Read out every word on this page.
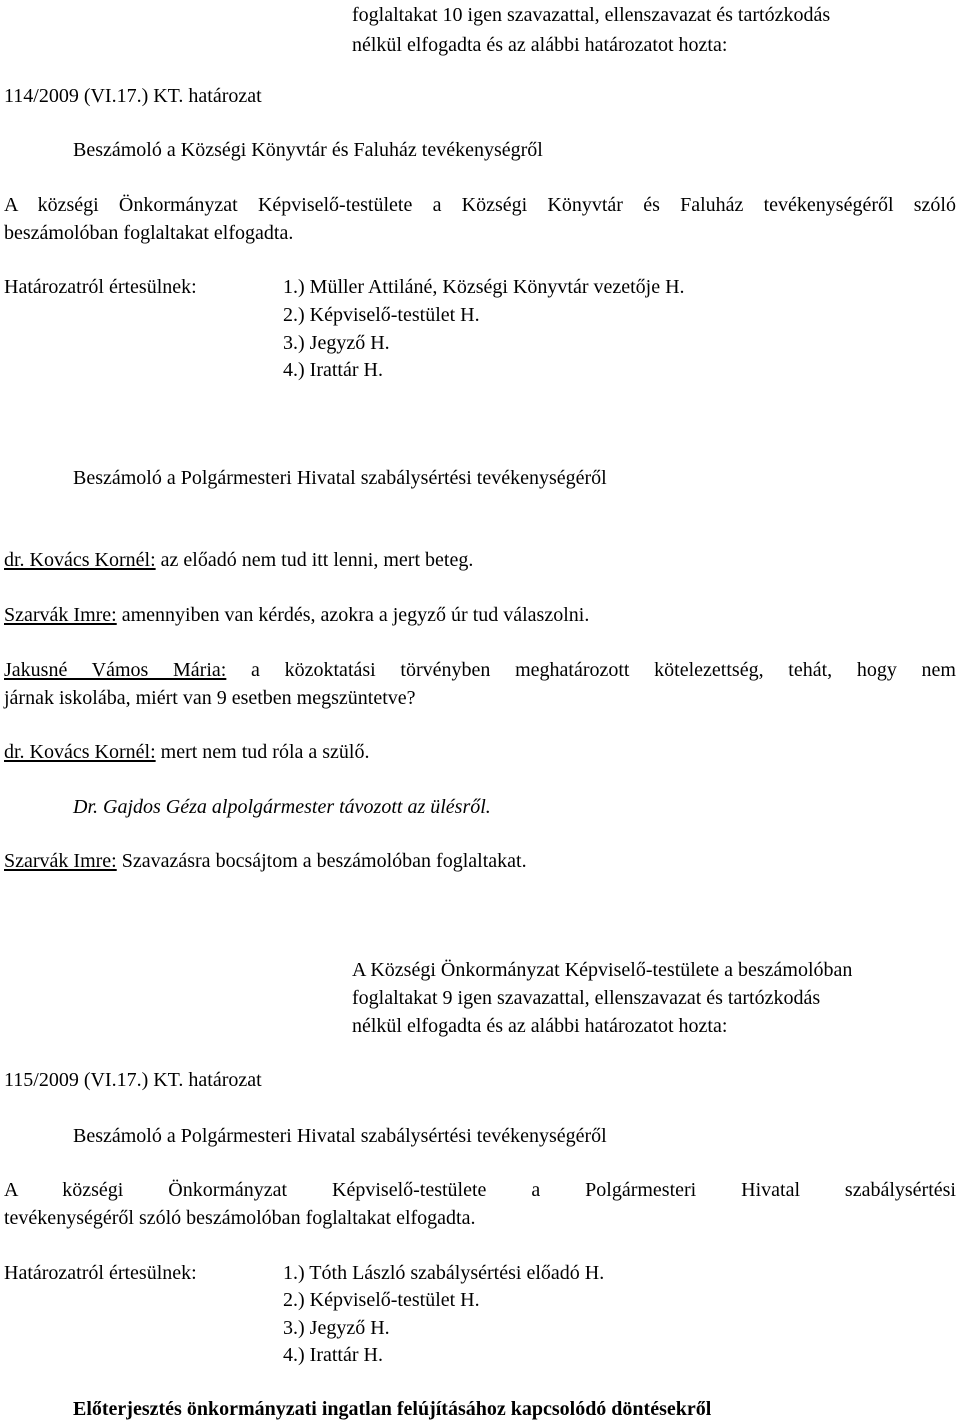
foglaltakat 10 igen szavazattal, ellenszavazat és tartózkodás
nélkül elfogadta és az alábbi határozatot hozta:
114/2009 (VI.17.) KT. határozat
Beszámoló a Községi Könyvtár és Faluház tevékenységről
A községi Önkormányzat Képviselő-testülete a Községi Könyvtár és Faluház tevékenységéről szóló
beszámolóban foglaltakat elfogadta.
Határozatról értesülnek:	1.) Müller Attiláné, Községi Könyvtár vezetője H.
2.) Képviselő-testület H.
3.) Jegyző H.
4.) Irattár H.
Beszámoló a Polgármesteri Hivatal szabálysértési tevékenységéről
dr. Kovács Kornél: az előadó nem tud itt lenni, mert beteg.
Szarvák Imre: amennyiben van kérdés, azokra a jegyző úr tud válaszolni.
Jakusné Vámos Mária: a közoktatási törvényben meghatározott kötelezettség, tehát, hogy nem
járnak iskolába, miért van 9 esetben megszüntetve?
dr. Kovács Kornél: mert nem tud róla a szülő.
Dr. Gajdos Géza alpolgármester távozott az ülésről.
Szarvák Imre: Szavazásra bocsájtom a beszámolóban foglaltakat.
A Községi Önkormányzat Képviselő-testülete a beszámolóban
foglaltakat 9 igen szavazattal, ellenszavazat és tartózkodás
nélkül elfogadta és az alábbi határozatot hozta:
115/2009 (VI.17.) KT. határozat
Beszámoló a Polgármesteri Hivatal szabálysértési tevékenységéről
A községi Önkormányzat Képviselő-testülete a Polgármesteri Hivatal szabálysértési
tevékenységéről szóló beszámolóban foglaltakat elfogadta.
Határozatról értesülnek:	1.) Tóth László szabálysértési előadó H.
2.) Képviselő-testület H.
3.) Jegyző H.
4.) Irattár H.
Előterjesztés önkormányzati ingatlan felújításához kapcsolódó döntésekről
